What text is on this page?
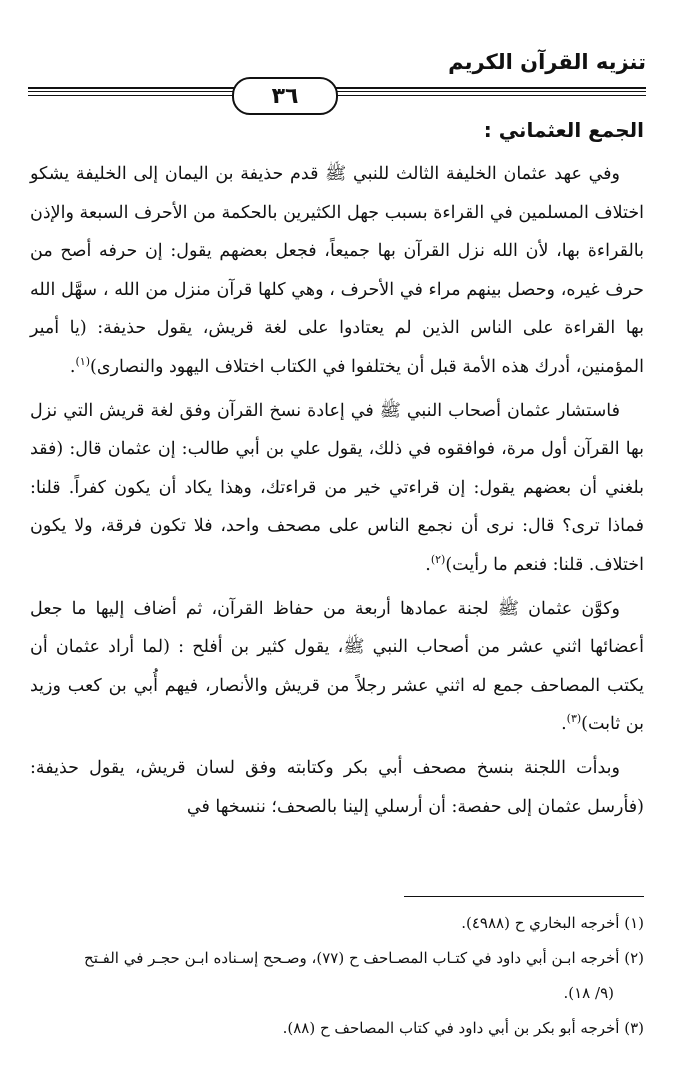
تنزيه القرآن الكريم
٣٦
الجمع العثماني :

وفي عهد عثمان الخليفة الثالث للنبي ﷺ قدم حذيفة بن اليمان إلى الخليفة يشكو اختلاف المسلمين في القراءة بسبب جهل الكثيرين بالحكمة من الأحرف السبعة والإذن بالقراءة بها، لأن الله نزل القرآن بها جميعاً، فجعل بعضهم يقول: إن حرفه أصح من حرف غيره، وحصل بينهم مراء في الأحرف ، وهي كلها قرآن منزل من الله ، سهَّل الله بها القراءة على الناس الذين لم يعتادوا على لغة قريش، يقول حذيفة: (يا أمير المؤمنين، أدرك هذه الأمة قبل أن يختلفوا في الكتاب اختلاف اليهود والنصارى)$^{(١)}$.

فاستشار عثمان أصحاب النبي ﷺ في إعادة نسخ القرآن وفق لغة قريش التي نزل بها القرآن أول مرة، فوافقوه في ذلك، يقول علي بن أبي طالب: إن عثمان قال: (فقد بلغني أن بعضهم يقول: إن قراءتي خير من قراءتك، وهذا يكاد أن يكون كفراً. قلنا: فماذا ترى؟ قال: نرى أن نجمع الناس على مصحف واحد، فلا تكون فرقة، ولا يكون اختلاف. قلنا: فنعم ما رأيت)$^{(٢)}$.

وكوَّن عثمان ﷺ لجنة عمادها أربعة من حفاظ القرآن، ثم أضاف إليها ما جعل أعضائها اثني عشر من أصحاب النبي ﷺ، يقول كثير بن أفلح : (لما أراد عثمان أن يكتب المصاحف جمع له اثني عشر رجلاً من قريش والأنصار، فيهم أُبي بن كعب وزيد بن ثابت)$^{(٣)}$.

وبدأت اللجنة بنسخ مصحف أبي بكر وكتابته وفق لسان قريش، يقول حذيفة: (فأرسل عثمان إلى حفصة: أن أرسلي إلينا بالصحف؛ ننسخها في

(١) أخرجه البخاري ح (٤٩٨٨).

(٢) أخرجه ابـن أبي داود في كتـاب المصـاحف ح (٧٧)، وصـحح إسـناده ابـن حجـر في الفـتح

(٩/ ١٨).

(٣) أخرجه أبو بكر بن أبي داود في كتاب المصاحف ح (٨٨).
